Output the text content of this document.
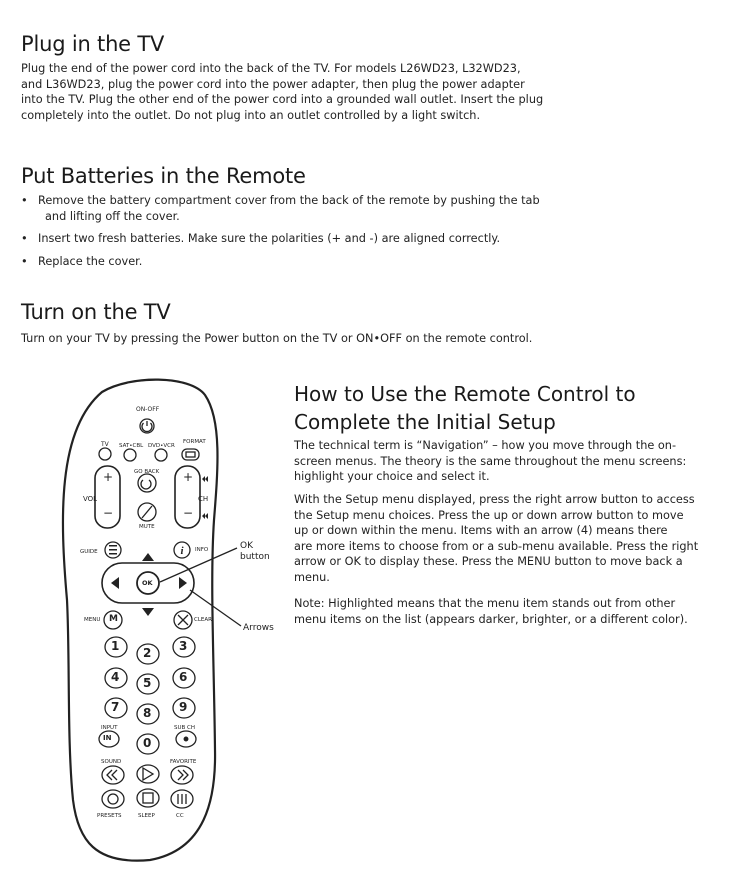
Plug in the TV
Plug the end of the power cord into the back of the TV. For models L26WD23, L32WD23,
and L36WD23, plug the power cord into the power adapter, then plug the power adapter
into the TV. Plug the other end of the power cord into a grounded wall outlet. Insert the plug
completely into the outlet. Do not plug into an outlet controlled by a light switch.
Put Batteries in the Remote
• Remove the battery compartment cover from the back of the remote by pushing the tab
and lifting off the cover.
• Insert two fresh batteries. Make sure the polarities (+ and -) are aligned correctly.
• Replace the cover.
Turn on the TV
Turn on your TV by pressing the Power button on the TV or ON•OFF on the remote control.
How to Use the Remote Control to
Complete the Initial Setup
The technical term is “Navigation” – how you move through the on-
screen menus. The theory is the same throughout the menu screens:
highlight your choice and select it.
With the Setup menu displayed, press the right arrow button to access
the Setup menu choices. Press the up or down arrow button to move
up or down within the menu. Items with an arrow (4) means there
are more items to choose from or a sub-menu available. Press the right
arrow or OK to display these. Press the MENU button to move back a
menu.
Note: Highlighted means that the menu item stands out from other
menu items on the list (appears darker, brighter, or a different color).
OK
button
Arrows
i
ON-OFF
TV SAT•CBL DVD•VCR
FORMAT
GO BACK
VOL	CH
+
−
+
−
MUTE
GUIDE	INFO
OK
MENU M	CLEAR
1 2 3
4 5 6
7 8 9
0
INPUT
IN
SUB CH
SOUND	FAVORITE
PRESETS	SLEEP	CC
